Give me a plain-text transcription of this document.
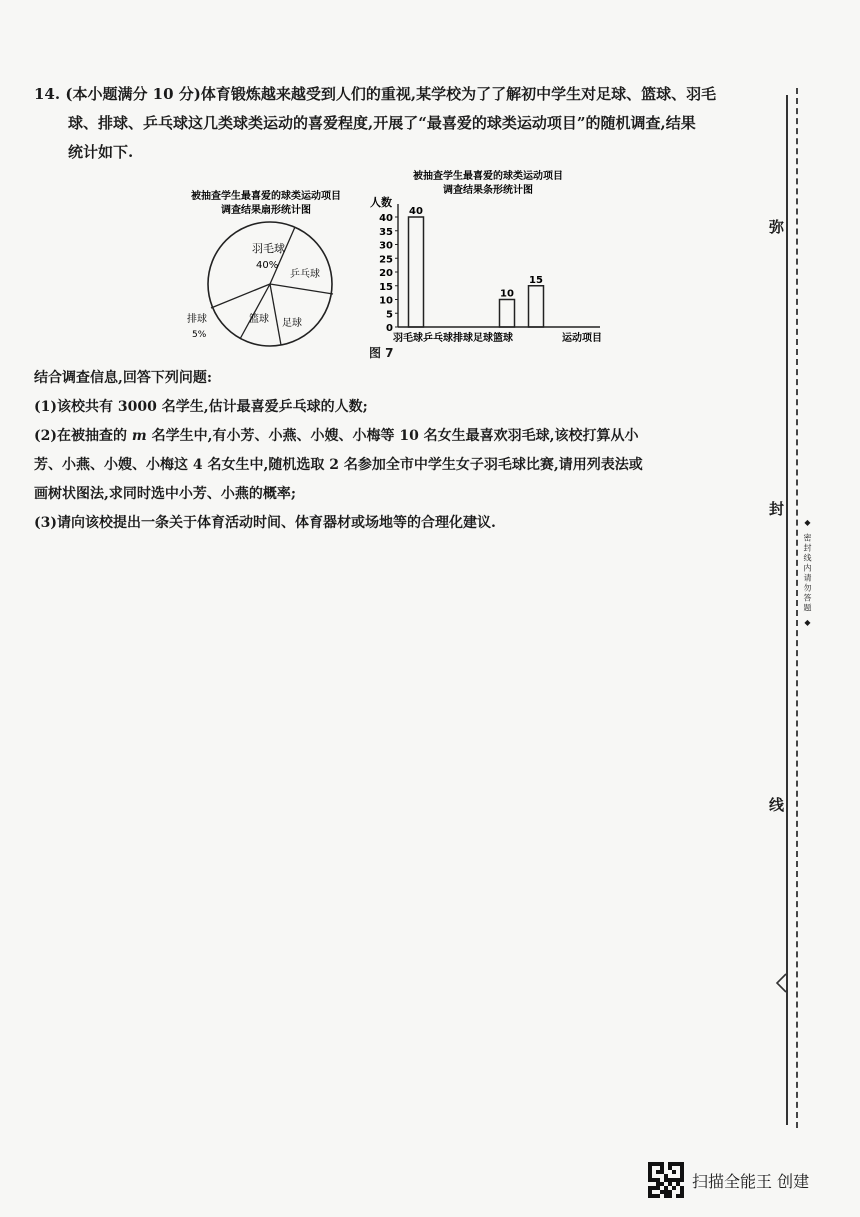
14. (本小题满分 10 分)体育锻炼越来越受到人们的重视,某学校为了了解初中学生对足球、篮球、羽毛
球、排球、乒乓球这几类球类运动的喜爱程度,开展了“最喜爱的球类运动项目”的随机调查,结果
统计如下.
被抽查学生最喜爱的球类运动项目
调查结果扇形统计图
羽毛球
40%
乒乓球
排球
5%
篮球 足球
被抽查学生最喜爱的球类运动项目
调查结果条形统计图
人数
0
5
10
15
20
25
30
35
40
40
10
15
羽毛球乒乓球排球足球篮球	运动项目
图 7
结合调查信息,回答下列问题:
(1)该校共有 3000 名学生,估计最喜爱乒乓球的人数;
(2)在被抽查的 m 名学生中,有小芳、小燕、小嫂、小梅等 10 名女生最喜欢羽毛球,该校打算从小
芳、小燕、小嫂、小梅这 4 名女生中,随机选取 2 名参加全市中学生女子羽毛球比赛,请用列表法或
画树状图法,求同时选中小芳、小燕的概率;
(3)请向该校提出一条关于体育活动时间、体育器材或场地等的合理化建议.
弥
封
线
◆ 密封线内请勿答题 ◆
扫描全能王 创建
